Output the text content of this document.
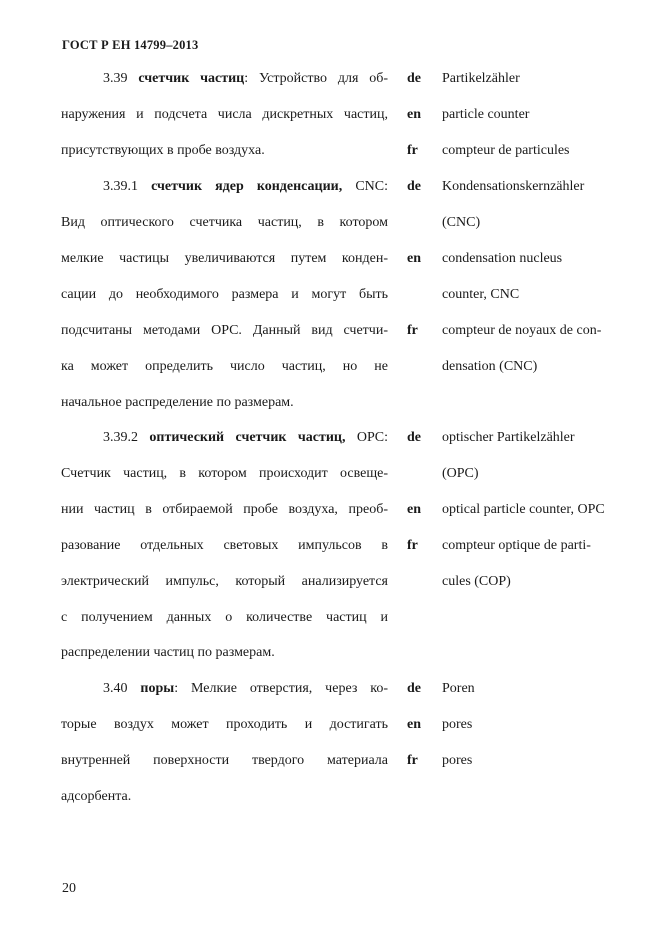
ГОСТ Р ЕН 14799–2013
3.39 счетчик частиц: Устройство для об-
наружения и подсчета числа дискретных частиц,
присутствующих в пробе воздуха.
de	Partikelzähler
en	particle counter
fr	compteur de particules
3.39.1 счетчик ядер конденсации, CNC:
Вид оптического счетчика частиц, в котором
мелкие частицы увеличиваются путем конден-
сации до необходимого размера и могут быть
подсчитаны методами OPC. Данный вид счетчи-
ка может определить число частиц, но не
начальное распределение по размерам.
de	Kondensationskernzähler
(CNC)
en	condensation nucleus
counter, CNC
fr	compteur de noyaux de con-
densation (CNC)
3.39.2 оптический счетчик частиц, OPC:
Счетчик частиц, в котором происходит освеще-
нии частиц в отбираемой пробе воздуха, преоб-
разование отдельных световых импульсов в
электрический импульс, который анализируется
с получением данных о количестве частиц и
распределении частиц по размерам.
de	optischer Partikelzähler
(OPC)
en	optical particle counter, OPC
fr	compteur optique de parti-
cules (COP)
3.40 поры: Мелкие отверстия, через ко-
торые воздух может проходить и достигать
внутренней поверхности твердого материала
адсорбента.
de	Poren
en	pores
fr	pores
20
